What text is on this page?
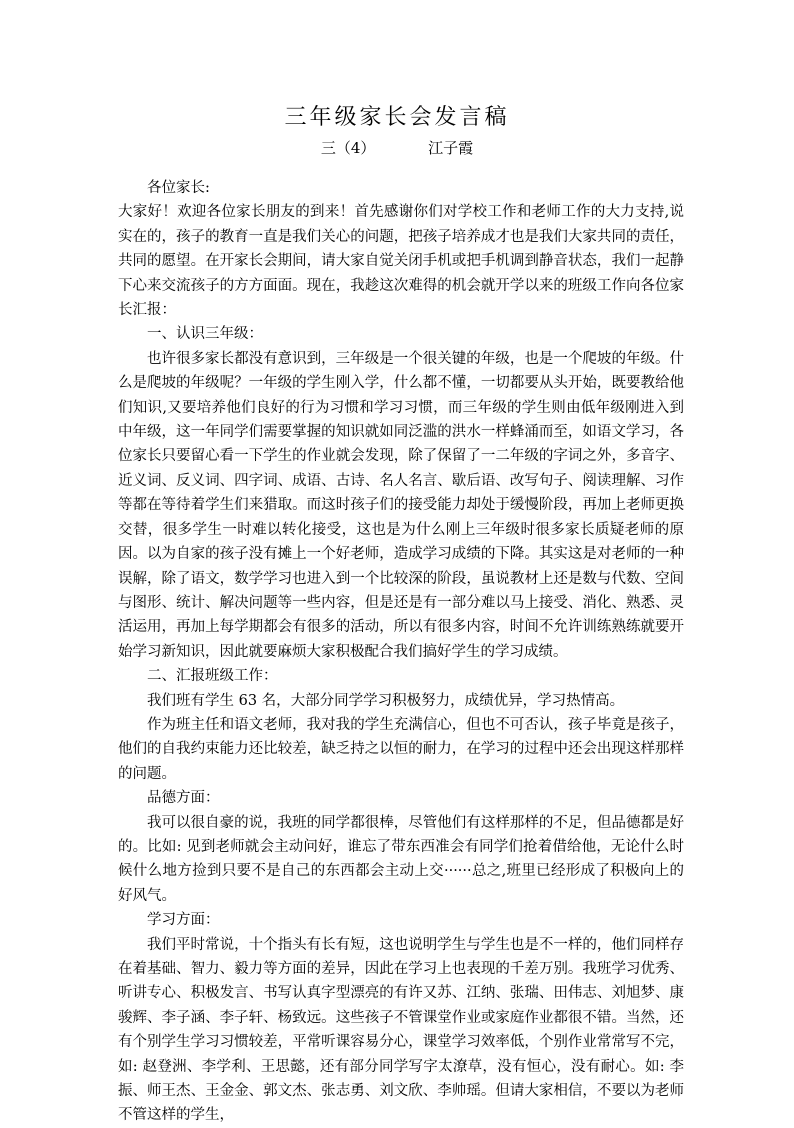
三年级家长会发言稿
三（4）	江子霞

各位家长:

大家好！欢迎各位家长朋友的到来！首先感谢你们对学校工作和老师工作的大力支持,说实在的，孩子的教育一直是我们关心的问题，把孩子培养成才也是我们大家共同的责任，共同的愿望。在开家长会期间，请大家自觉关闭手机或把手机调到静音状态，我们一起静下心来交流孩子的方方面面。现在，我趁这次难得的机会就开学以来的班级工作向各位家长汇报：

一、认识三年级：

也许很多家长都没有意识到，三年级是一个很关键的年级，也是一个爬坡的年级。什么是爬坡的年级呢？一年级的学生刚入学，什么都不懂，一切都要从头开始，既要教给他们知识,又要培养他们良好的行为习惯和学习习惯，而三年级的学生则由低年级刚进入到中年级，这一年同学们需要掌握的知识就如同泛滥的洪水一样蜂涌而至，如语文学习，各位家长只要留心看一下学生的作业就会发现，除了保留了一二年级的字词之外，多音字、近义词、反义词、四字词、成语、古诗、名人名言、歇后语、改写句子、阅读理解、习作等都在等待着学生们来猎取。而这时孩子们的接受能力却处于缓慢阶段，再加上老师更换交替，很多学生一时难以转化接受，这也是为什么刚上三年级时很多家长质疑老师的原因。以为自家的孩子没有摊上一个好老师，造成学习成绩的下降。其实这是对老师的一种误解，除了语文，数学学习也进入到一个比较深的阶段，虽说教材上还是数与代数、空间与图形、统计、解决问题等一些内容，但是还是有一部分难以马上接受、消化、熟悉、灵活运用，再加上每学期都会有很多的活动，所以有很多内容，时间不允许训练熟练就要开始学习新知识，因此就要麻烦大家积极配合我们搞好学生的学习成绩。

二、汇报班级工作：

我们班有学生 63 名，大部分同学学习积极努力，成绩优异，学习热情高。

作为班主任和语文老师，我对我的学生充满信心，但也不可否认，孩子毕竟是孩子，他们的自我约束能力还比较差，缺乏持之以恒的耐力，在学习的过程中还会出现这样那样的问题。

品德方面：

我可以很自豪的说，我班的同学都很棒，尽管他们有这样那样的不足，但品德都是好的。比如: 见到老师就会主动问好，谁忘了带东西准会有同学们抢着借给他，无论什么时候什么地方捡到只要不是自己的东西都会主动上交······总之,班里已经形成了积极向上的好风气。

学习方面：

我们平时常说，十个指头有长有短，这也说明学生与学生也是不一样的，他们同样存在着基础、智力、毅力等方面的差异，因此在学习上也表现的千差万别。我班学习优秀、听讲专心、积极发言、书写认真字型漂亮的有许又苏、江纳、张瑞、田伟志、刘旭梦、康骏辉、李子涵、李子轩、杨致远。这些孩子不管课堂作业或家庭作业都很不错。当然，还有个别学生学习习惯较差，平常听课容易分心，课堂学习效率低，个别作业常常写不完，如: 赵登洲、李学利、王思懿，还有部分同学写字太潦草，没有恒心，没有耐心。如: 李振、师王杰、王金金、郭文杰、张志勇、刘文欣、李帅瑶。但请大家相信，不要以为老师不管这样的学生，
